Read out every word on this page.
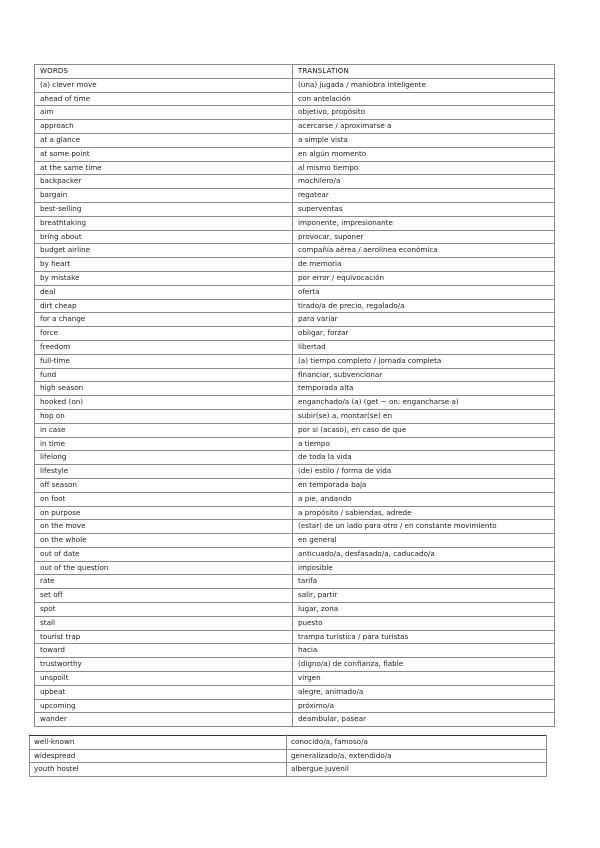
WORDS	TRANSLATION
(a) clever move	(una) jugada / maniobra inteligente
ahead of time	con antelación
aim	objetivo, propósito
approach	acercarse / aproximarse a
at a glance	a simple vista
at some point	en algún momento
at the same time	al mismo tiempo
backpacker	mochilero/a
bargain	regatear
best-selling	superventas
breathtaking	imponente, impresionante
bring about	provocar, suponer
budget airline	compañía aérea / aerolínea económica
by heart	de memoria
by mistake	por error / equivocación
deal	oferta
dirt cheap	tirado/a de precio, regalado/a
for a change	para variar
force	obligar, forzar
freedom	libertad
full-time	(a) tiempo completo / jornada completa
fund	financiar, subvencionar
high season	temporada alta
hooked (on)	enganchado/a (a) (get ~ on: engancharse a)
hop on	subir(se) a, montar(se) en
in case	por si (acaso), en caso de que
in time	a tiempo
lifelong	de toda la vida
lifestyle	(de) estilo / forma de vida
off season	en temporada baja
on foot	a pie, andando
on purpose	a propósito / sabiendas, adrede
on the move	(estar) de un lado para otro / en constante movimiento
on the whole	en general
out of date	anticuado/a, desfasado/a, caducado/a
out of the question	imposible
rate	tarifa
set off	salir, partir
spot	lugar, zona
stall	puesto
tourist trap	trampa turística / para turistas
toward	hacia
trustworthy	(digno/a) de confianza, fiable
unspoilt	virgen
upbeat	alegre, animado/a
upcoming	próximo/a
wander	deambular, pasear
well-known	conocido/a, famoso/a
widespread	generalizado/a, extendido/a
youth hostel	albergue juvenil
